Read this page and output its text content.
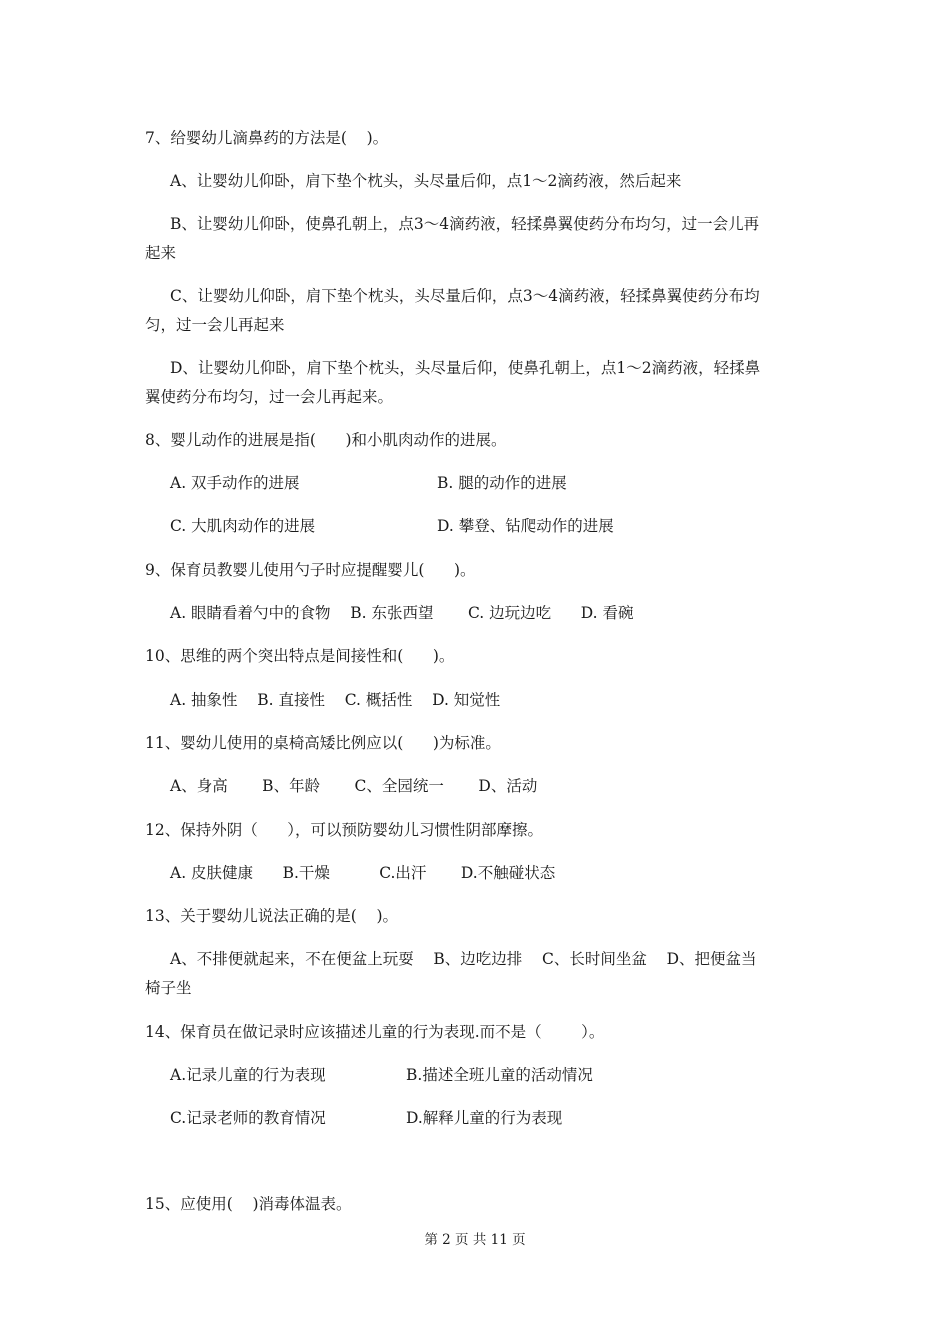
7、给婴幼儿滴鼻药的方法是(    )。
A、让婴幼儿仰卧，肩下垫个枕头，头尽量后仰，点1～2滴药液，然后起来
B、让婴幼儿仰卧，使鼻孔朝上，点3～4滴药液，轻揉鼻翼使药分布均匀，过一会儿再
起来
C、让婴幼儿仰卧，肩下垫个枕头，头尽量后仰，点3～4滴药液，轻揉鼻翼使药分布均
匀，过一会儿再起来
D、让婴幼儿仰卧，肩下垫个枕头，头尽量后仰，使鼻孔朝上，点1～2滴药液，轻揉鼻
翼使药分布均匀，过一会儿再起来。
8、婴儿动作的进展是指(      )和小肌肉动作的进展。
A. 双手动作的进展	B. 腿的动作的进展
C. 大肌肉动作的进展	D. 攀登、钻爬动作的进展
9、保育员教婴儿使用勺子时应提醒婴儿(      )。
A. 眼睛看着勺中的食物    B. 东张西望       C. 边玩边吃      D. 看碗
10、思维的两个突出特点是间接性和(      )。
A. 抽象性    B. 直接性    C. 概括性    D. 知觉性
11、婴幼儿使用的桌椅高矮比例应以(      )为标准。
A、身高       B、年龄       C、全园统一       D、活动
12、保持外阴（      ），可以预防婴幼儿习惯性阴部摩擦。
A. 皮肤健康      B.干燥          C.出汗       D.不触碰状态
13、关于婴幼儿说法正确的是(    )。
A、不排便就起来，不在便盆上玩耍    B、边吃边排    C、长时间坐盆    D、把便盆当
椅子坐
14、保育员在做记录时应该描述儿童的行为表现.而不是（        ）。
A.记录儿童的行为表现	B.描述全班儿童的活动情况
C.记录老师的教育情况	D.解释儿童的行为表现
15、应使用(    )消毒体温表。
第 2 页 共 11 页
